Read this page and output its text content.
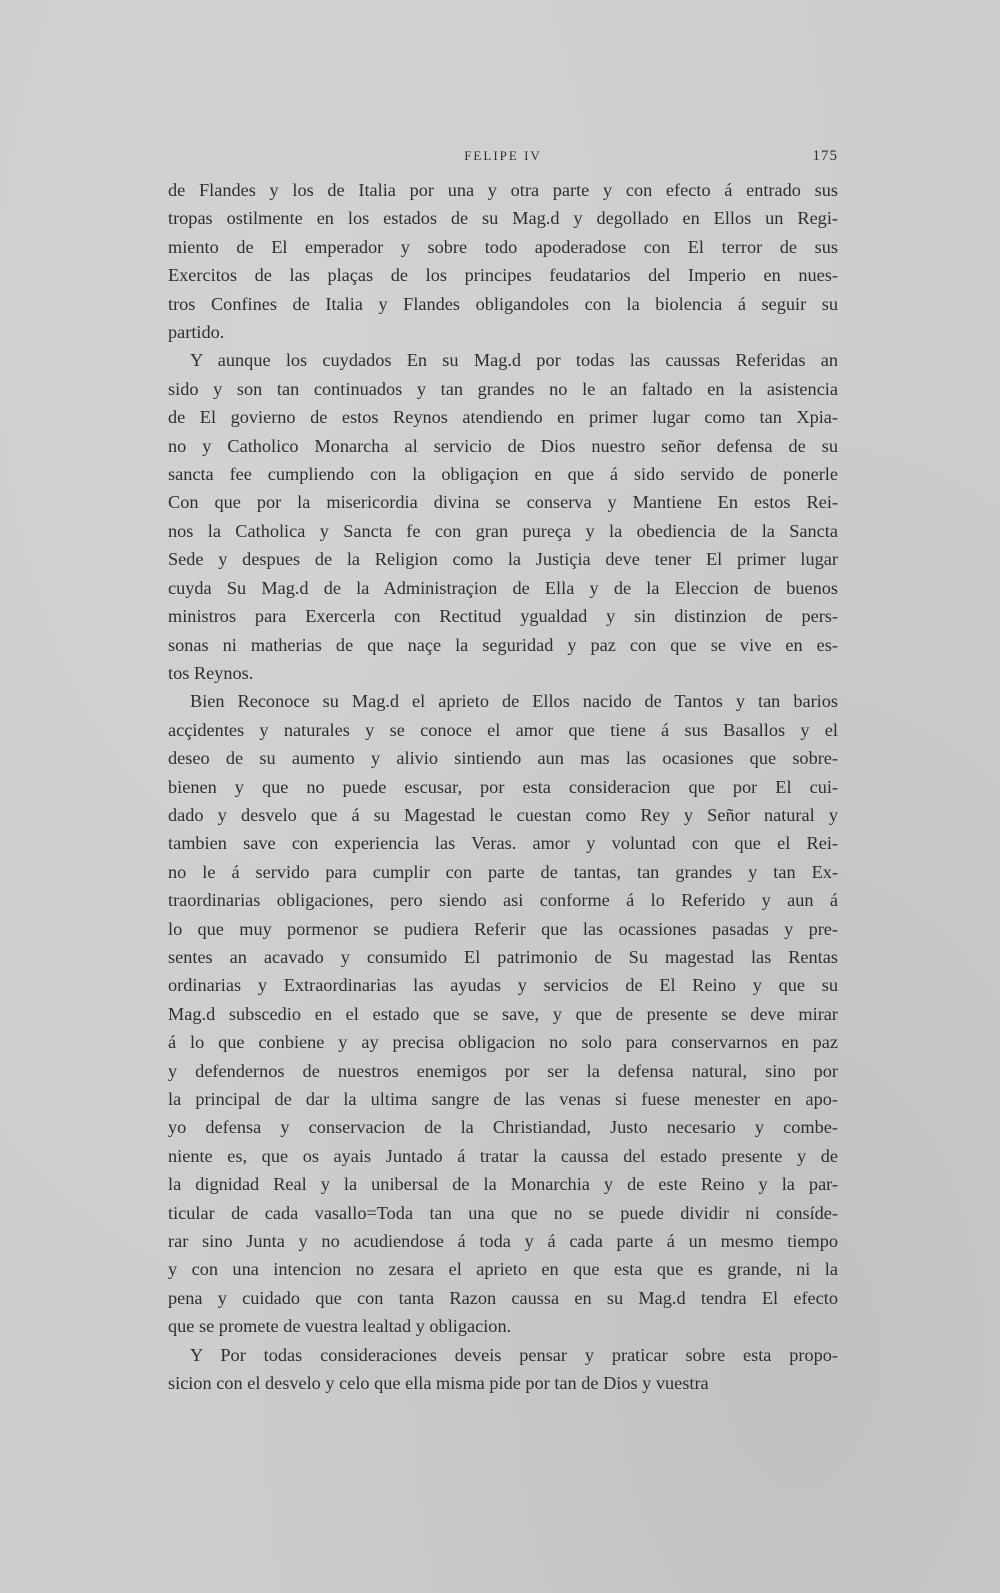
FELIPE IV	175
de Flandes y los de Italia por una y otra parte y con efecto á entrado sus
tropas ostilmente en los estados de su Mag.d y degollado en Ellos un Regi-
miento de El emperador y sobre todo apoderadose con El terror de sus
Exercitos de las plaças de los principes feudatarios del Imperio en nues-
tros Confines de Italia y Flandes obligandoles con la biolencia á seguir su
partido.
Y aunque los cuydados En su Mag.d por todas las caussas Referidas an
sido y son tan continuados y tan grandes no le an faltado en la asistencia
de El govierno de estos Reynos atendiendo en primer lugar como tan Xpia-
no y Catholico Monarcha al servicio de Dios nuestro señor defensa de su
sancta fee cumpliendo con la obligaçion en que á sido servido de ponerle
Con que por la misericordia divina se conserva y Mantiene En estos Rei-
nos la Catholica y Sancta fe con gran pureça y la obediencia de la Sancta
Sede y despues de la Religion como la Justiçia deve tener El primer lugar
cuyda Su Mag.d de la Administraçion de Ella y de la Eleccion de buenos
ministros para Exercerla con Rectitud ygualdad y sin distinzion de pers-
sonas ni matherias de que naçe la seguridad y paz con que se vive en es-
tos Reynos.
Bien Reconoce su Mag.d el aprieto de Ellos nacido de Tantos y tan barios
acçidentes y naturales y se conoce el amor que tiene á sus Basallos y el
deseo de su aumento y alivio sintiendo aun mas las ocasiones que sobre-
bienen y que no puede escusar, por esta consideracion que por El cui-
dado y desvelo que á su Magestad le cuestan como Rey y Señor natural y
tambien save con experiencia las Veras. amor y voluntad con que el Rei-
no le á servido para cumplir con parte de tantas, tan grandes y tan Ex-
traordinarias obligaciones, pero siendo asi conforme á lo Referido y aun á
lo que muy pormenor se pudiera Referir que las ocassiones pasadas y pre-
sentes an acavado y consumido El patrimonio de Su magestad las Rentas
ordinarias y Extraordinarias las ayudas y servicios de El Reino y que su
Mag.d subscedio en el estado que se save, y que de presente se deve mirar
á lo que conbiene y ay precisa obligacion no solo para conservarnos en paz
y defendernos de nuestros enemigos por ser la defensa natural, sino por
la principal de dar la ultima sangre de las venas si fuese menester en apo-
yo defensa y conservacion de la Christiandad, Justo necesario y combe-
niente es, que os ayais Juntado á tratar la caussa del estado presente y de
la dignidad Real y la unibersal de la Monarchia y de este Reino y la par-
ticular de cada vasallo=Toda tan una que no se puede dividir ni consíde-
rar sino Junta y no acudiendose á toda y á cada parte á un mesmo tiempo
y con una intencion no zesara el aprieto en que esta que es grande, ni la
pena y cuidado que con tanta Razon caussa en su Mag.d tendra El efecto
que se promete de vuestra lealtad y obligacion.
Y Por todas consideraciones deveis pensar y praticar sobre esta propo-
sicion con el desvelo y celo que ella misma pide por tan de Dios y vuestra
